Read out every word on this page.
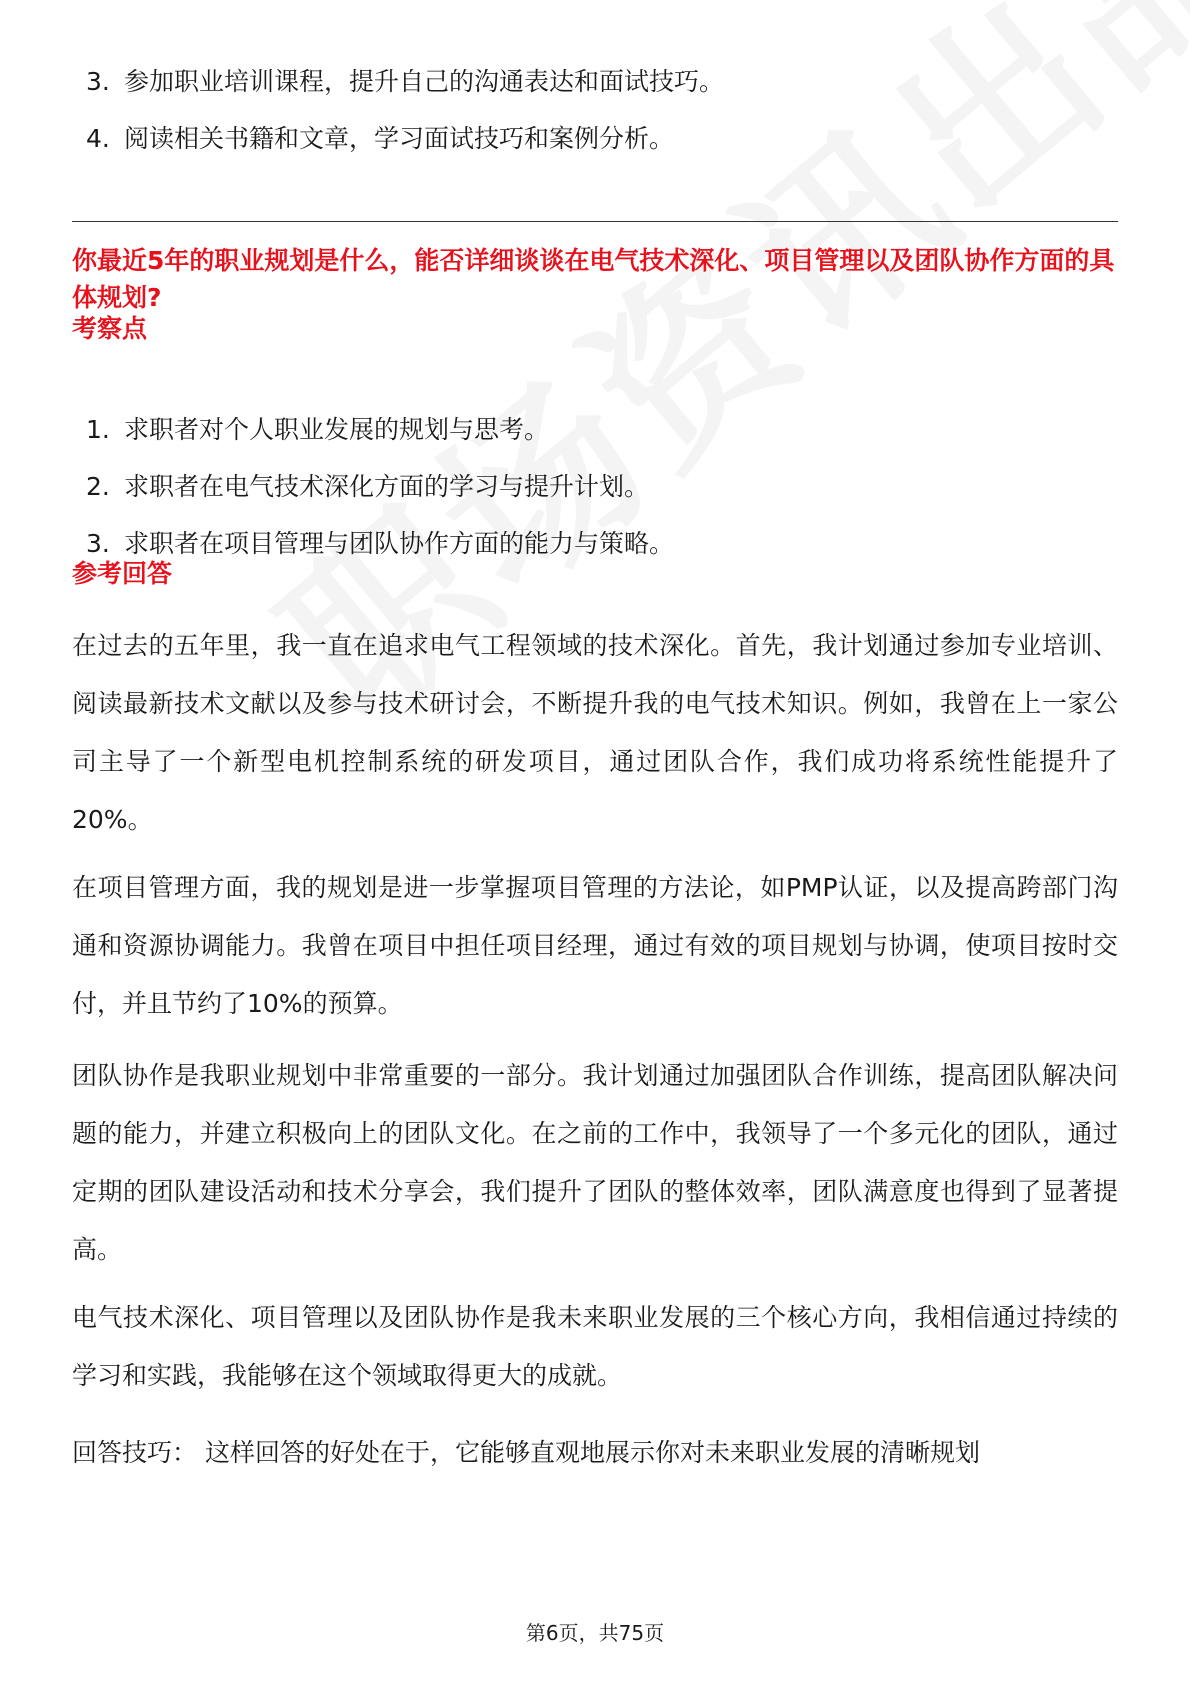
3. 参加职业培训课程，提升自己的沟通表达和面试技巧。
4. 阅读相关书籍和文章，学习面试技巧和案例分析。
你最近5年的职业规划是什么，能否详细谈谈在电气技术深化、项目管理以及团队协作方面的具体规划?
考察点
1. 求职者对个人职业发展的规划与思考。
2. 求职者在电气技术深化方面的学习与提升计划。
3. 求职者在项目管理与团队协作方面的能力与策略。
参考回答

在过去的五年里，我一直在追求电气工程领域的技术深化。首先，我计划通过参加专业培训、阅读最新技术文献以及参与技术研讨会，不断提升我的电气技术知识。例如，我曾在上一家公司主导了一个新型电机控制系统的研发项目，通过团队合作，我们成功将系统性能提升了20%。

在项目管理方面，我的规划是进一步掌握项目管理的方法论，如PMP认证，以及提高跨部门沟通和资源协调能力。我曾在项目中担任项目经理，通过有效的项目规划与协调，使项目按时交付，并且节约了10%的预算。

团队协作是我职业规划中非常重要的一部分。我计划通过加强团队合作训练，提高团队解决问题的能力，并建立积极向上的团队文化。在之前的工作中，我领导了一个多元化的团队，通过定期的团队建设活动和技术分享会，我们提升了团队的整体效率，团队满意度也得到了显著提高。

电气技术深化、项目管理以及团队协作是我未来职业发展的三个核心方向，我相信通过持续的学习和实践，我能够在这个领域取得更大的成就。

回答技巧： 这样回答的好处在于，它能够直观地展示你对未来职业发展的清晰规划

第6页，共75页
